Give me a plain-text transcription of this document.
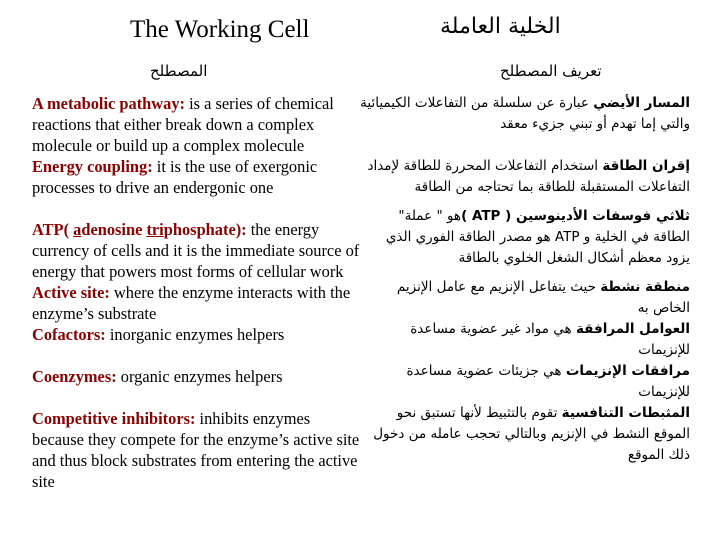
The Working Cell	الخلية العاملة
المصطلح	تعريف المصطلح

A metabolic pathway: is a series of chemical reactions that either break down a complex molecule or build up a complex molecule

Energy coupling: it is the use of exergonic processes to drive an endergonic one

ATP( adenosine triphosphate): the energy currency of cells and it is the immediate source of energy that powers most forms of cellular work

Active site: where the enzyme interacts with the enzyme’s substrate

Cofactors: inorganic enzymes helpers

Coenzymes: organic enzymes helpers

Competitive inhibitors: inhibits enzymes because they compete for the enzyme’s active site and thus block substrates from entering the active site

المسار الأيضي عبارة عن سلسلة من التفاعلات الكيميائية والتي إما تهدم أو تبني جزيء معقد

إقران الطاقة استخدام التفاعلات المحررة للطاقة لإمداد التفاعلات المستقبلة للطاقة بما تحتاجه من الطاقة

ثلاثي فوسفات الأدينوسين ( ATP )هو " عملة" الطاقة في الخلية و ATP هو مصدر الطاقة الفوري الذي يزود معظم أشكال الشغل الخلوي بالطاقة

منطقة نشطة حيث يتفاعل الإنزيم مع عامل الإنزيم الخاص به

العوامل المرافقة هي مواد غير عضوية مساعدة للإنزيمات

مرافقات الإنزيمات هي جزيئات عضوية مساعدة للإنزيمات

المثبطات التنافسية تقوم بالتثبيط لأنها تستبق نحو الموقع النشط في الإنزيم وبالتالي تحجب عامله من دخول ذلك الموقع
